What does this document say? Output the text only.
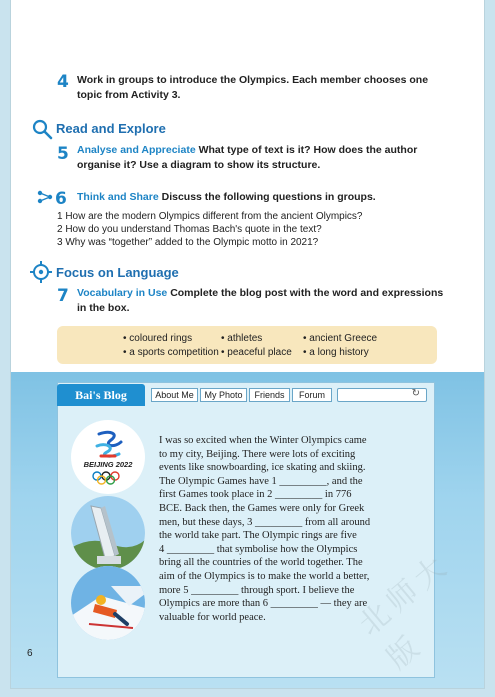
4 Work in groups to introduce the Olympics. Each member chooses one topic from Activity 3.
Read and Explore
5 Analyse and Appreciate What type of text is it? How does the author organise it? Use a diagram to show its structure.
6 Think and Share Discuss the following questions in groups.
1 How are the modern Olympics different from the ancient Olympics?
2 How do you understand Thomas Bach's quote in the text?
3 Why was “together” added to the Olympic motto in 2021?
Focus on Language
7 Vocabulary in Use Complete the blog post with the word and expressions in the box.
• coloured rings	• athletes	• ancient Greece
• a sports competition • peaceful place • a long history
Bai's Blog	About Me	My Photo	Friends	Forum	↻
BEIJING 2022
I was so excited when the Winter Olympics came
to my city, Beijing. There were lots of exciting
events like snowboarding, ice skating and skiing.
The Olympic Games have 1 _________, and the
first Games took place in 2 _________ in 776
BCE. Back then, the Games were only for Greek
men, but these days, 3 _________ from all around
the world take part. The Olympic rings are five
4 _________ that symbolise how the Olympics
bring all the countries of the world together. The
aim of the Olympics is to make the world a better,
more 5 _________ through sport. I believe the
Olympics are more than 6 _________ — they are
valuable for world peace.	北师大版
6
